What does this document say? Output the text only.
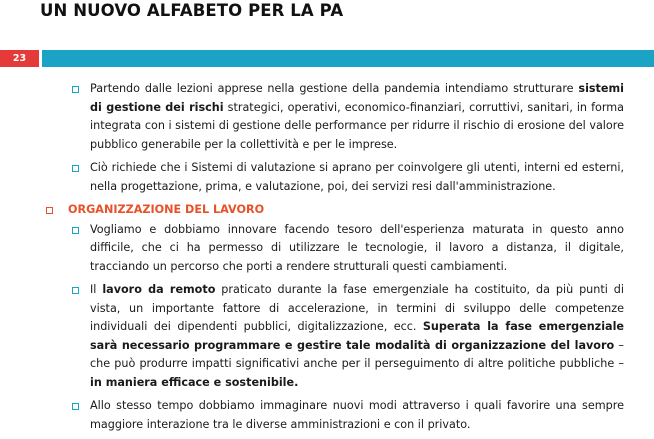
UN NUOVO ALFABETO PER LA PA
23
Partendo dalle lezioni apprese nella gestione della pandemia intendiamo strutturare sistemi di gestione dei rischi strategici, operativi, economico-finanziari, corruttivi, sanitari, in forma integrata con i sistemi di gestione delle performance per ridurre il rischio di erosione del valore pubblico generabile per la collettività e per le imprese.
Ciò richiede che i Sistemi di valutazione si aprano per coinvolgere gli utenti, interni ed esterni, nella progettazione, prima, e valutazione, poi, dei servizi resi dall'amministrazione.
ORGANIZZAZIONE DEL LAVORO
Vogliamo e dobbiamo innovare facendo tesoro dell'esperienza maturata in questo anno difficile, che ci ha permesso di utilizzare le tecnologie, il lavoro a distanza, il digitale, tracciando un percorso che porti a rendere strutturali questi cambiamenti.
Il lavoro da remoto praticato durante la fase emergenziale ha costituito, da più punti di vista, un importante fattore di accelerazione, in termini di sviluppo delle competenze individuali dei dipendenti pubblici, digitalizzazione, ecc. Superata la fase emergenziale sarà necessario programmare e gestire tale modalità di organizzazione del lavoro – che può produrre impatti significativi anche per il perseguimento di altre politiche pubbliche – in maniera efficace e sostenibile.
Allo stesso tempo dobbiamo immaginare nuovi modi attraverso i quali favorire una sempre maggiore interazione tra le diverse amministrazioni e con il privato.
